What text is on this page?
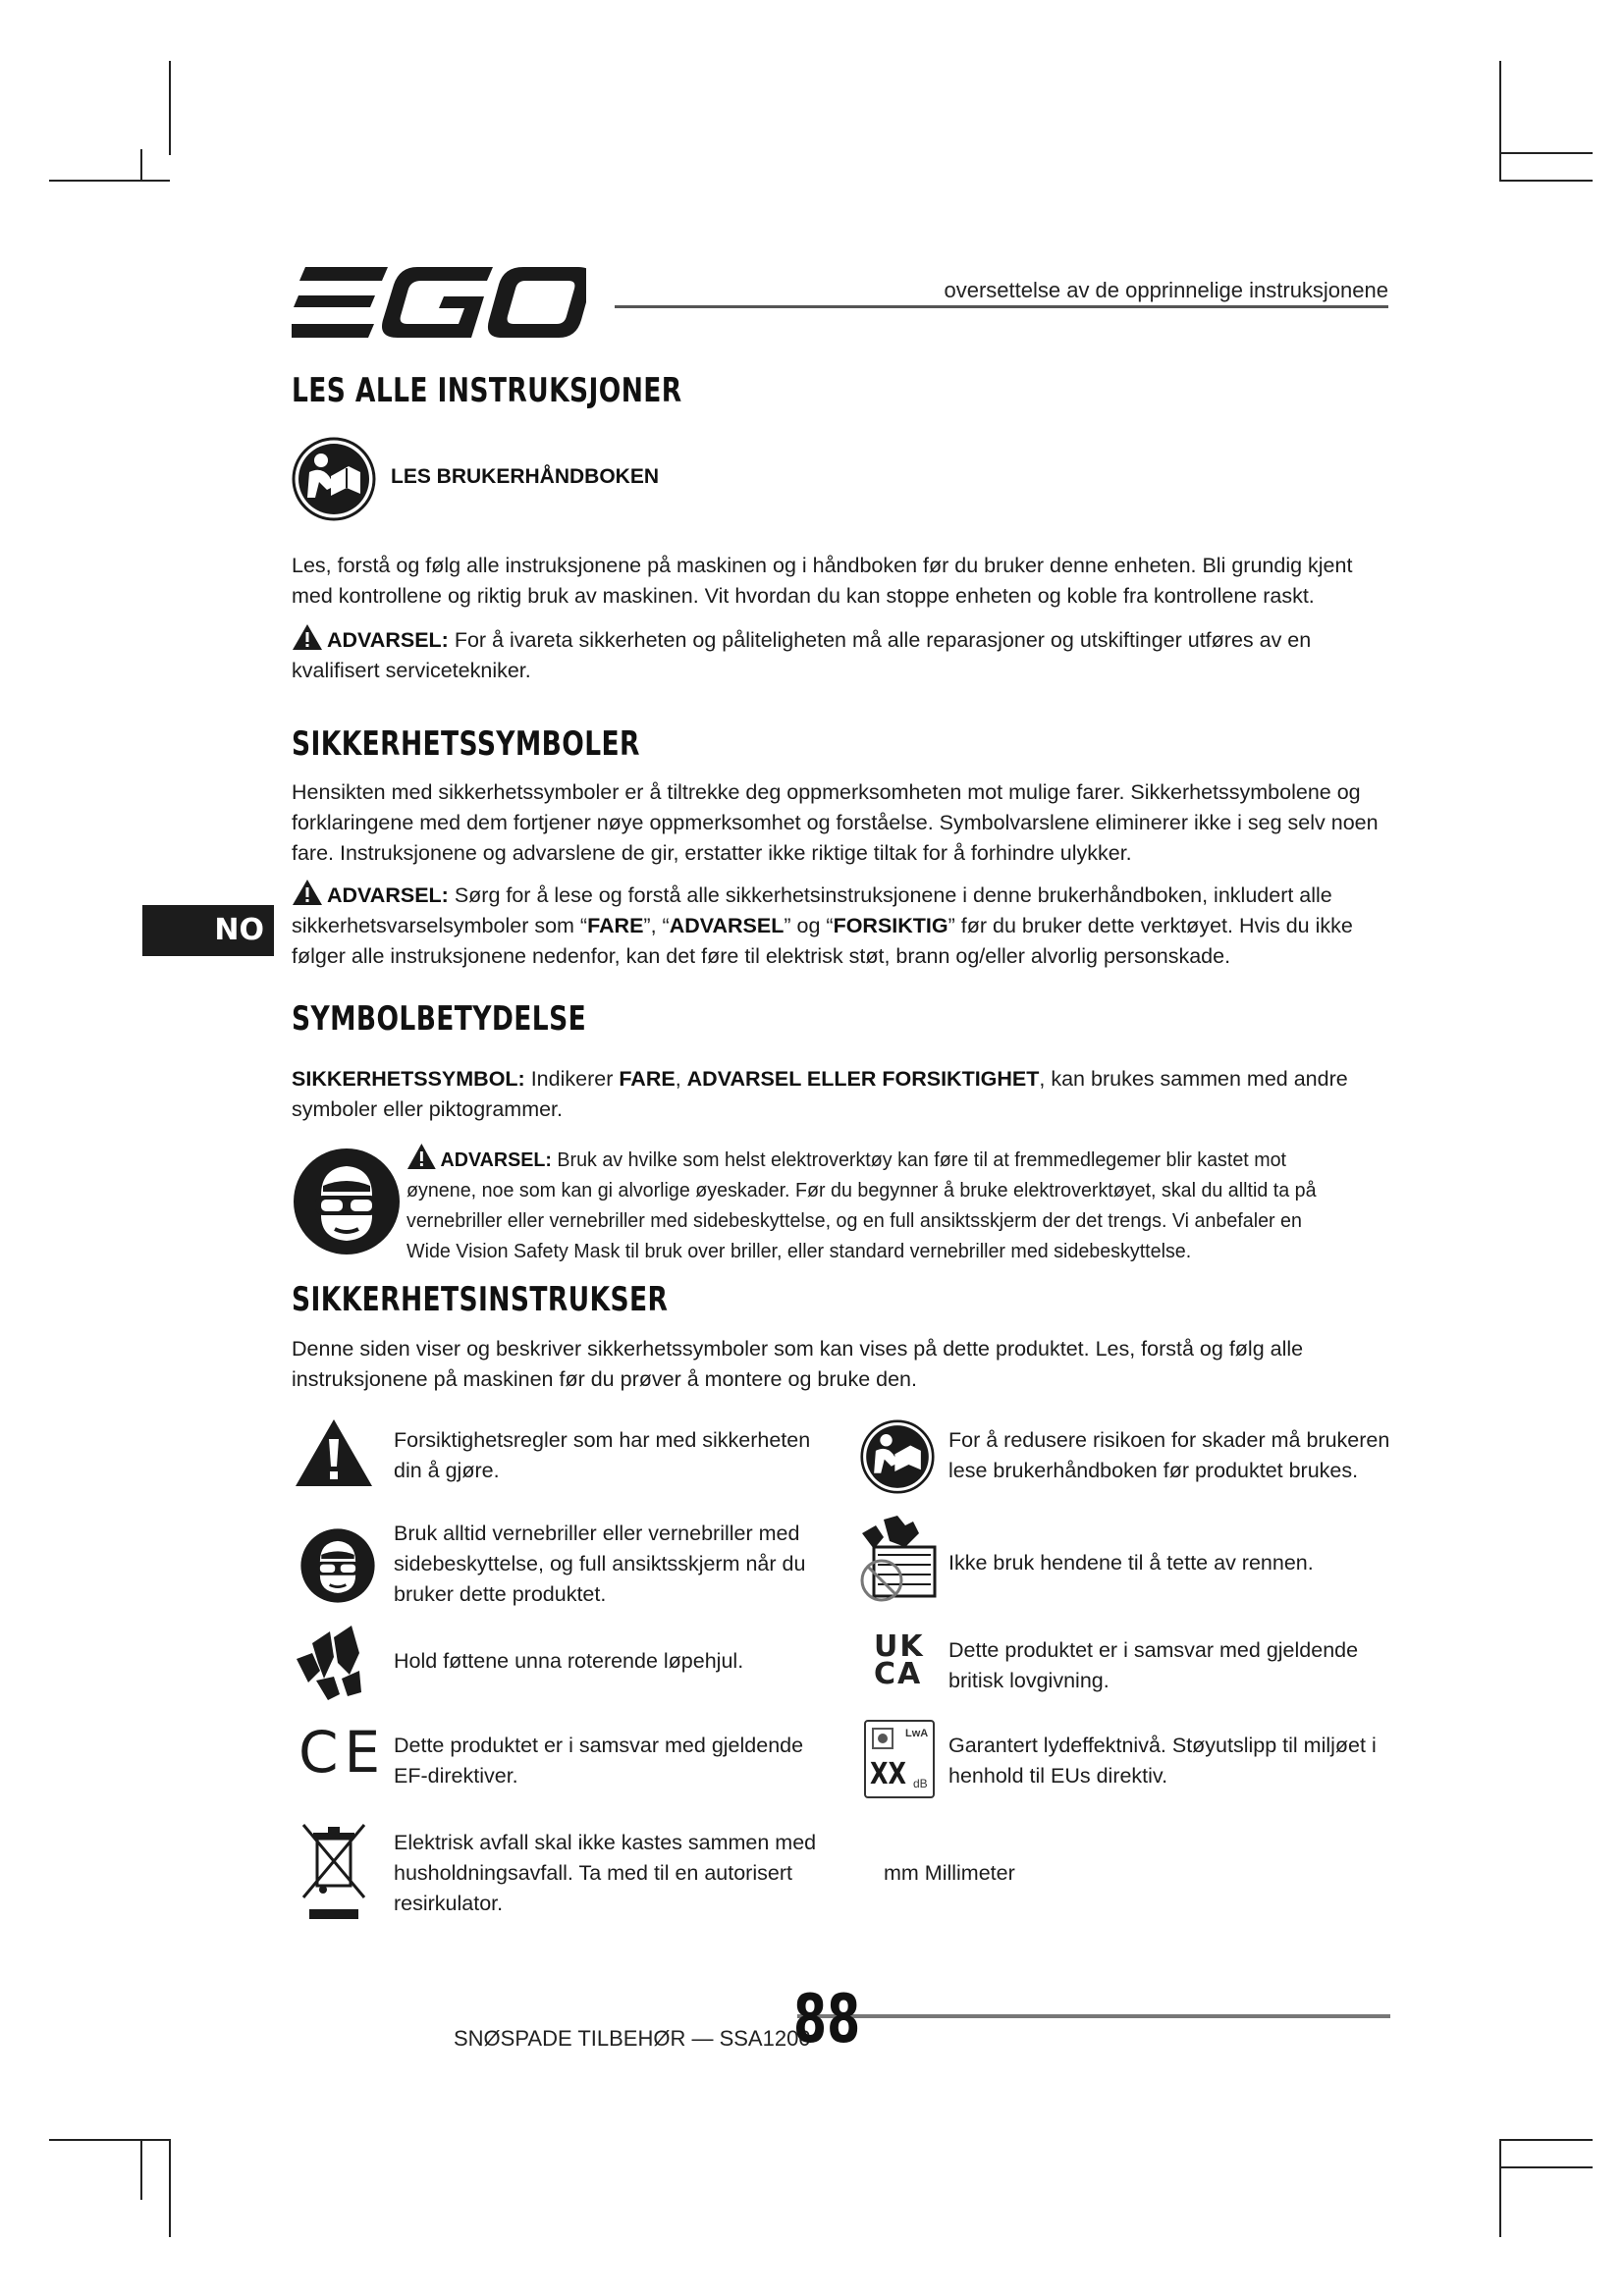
oversettelse av de opprinnelige instruksjonene
LES ALLE INSTRUKSJONER
LES BRUKERHÅNDBOKEN
Les, forstå og følg alle instruksjonene på maskinen og i håndboken før du bruker denne enheten. Bli grundig kjent med kontrollene og riktig bruk av maskinen. Vit hvordan du kan stoppe enheten og koble fra kontrollene raskt.
ADVARSEL: For å ivareta sikkerheten og påliteligheten må alle reparasjoner og utskiftinger utføres av en kvalifisert servicetekniker.
SIKKERHETSSYMBOLER
Hensikten med sikkerhetssymboler er å tiltrekke deg oppmerksomheten mot mulige farer. Sikkerhetssymbolene og forklaringene med dem fortjener nøye oppmerksomhet og forståelse. Symbolvarslene eliminerer ikke i seg selv noen fare. Instruksjonene og advarslene de gir, erstatter ikke riktige tiltak for å forhindre ulykker.
NO
ADVARSEL: Sørg for å lese og forstå alle sikkerhetsinstruksjonene i denne brukerhåndboken, inkludert alle sikkerhetsvarselsymboler som “FARE”, “ADVARSEL” og “FORSIKTIG” før du bruker dette verktøyet. Hvis du ikke følger alle instruksjonene nedenfor, kan det føre til elektrisk støt, brann og/eller alvorlig personskade.
SYMBOLBETYDELSE
SIKKERHETSSYMBOL: Indikerer FARE, ADVARSEL ELLER FORSIKTIGHET, kan brukes sammen med andre symboler eller piktogrammer.
ADVARSEL: Bruk av hvilke som helst elektroverktøy kan føre til at fremmedlegemer blir kastet mot øynene, noe som kan gi alvorlige øyeskader. Før du begynner å bruke elektroverktøyet, skal du alltid ta på vernebriller eller vernebriller med sidebeskyttelse, og en full ansiktsskjerm der det trengs. Vi anbefaler en Wide Vision Safety Mask til bruk over briller, eller standard vernebriller med sidebeskyttelse.
SIKKERHETSINSTRUKSER
Denne siden viser og beskriver sikkerhetssymboler som kan vises på dette produktet. Les, forstå og følg alle instruksjonene på maskinen før du prøver å montere og bruke den.
Forsiktighetsregler som har med sikkerheten din å gjøre.
For å redusere risikoen for skader må brukeren lese brukerhåndboken før produktet brukes.
Bruk alltid vernebriller eller vernebriller med sidebeskyttelse, og full ansiktsskjerm når du bruker dette produktet.
Ikke bruk hendene til å tette av rennen.
Hold føttene unna roterende løpehjul.	UK
CA
Dette produktet er i samsvar med gjeldende britisk lovgivning.
CE Dette produktet er i samsvar med gjeldende EF-direktiver.
LwA
XX dB
Garantert lydeffektnivå. Støyutslipp til miljøet i henhold til EUs direktiv.
Elektrisk avfall skal ikke kastes sammen med husholdningsavfall. Ta med til en autorisert resirkulator.
mm Millimeter
SNØSPADE TILBEHØR — SSA1200
88
